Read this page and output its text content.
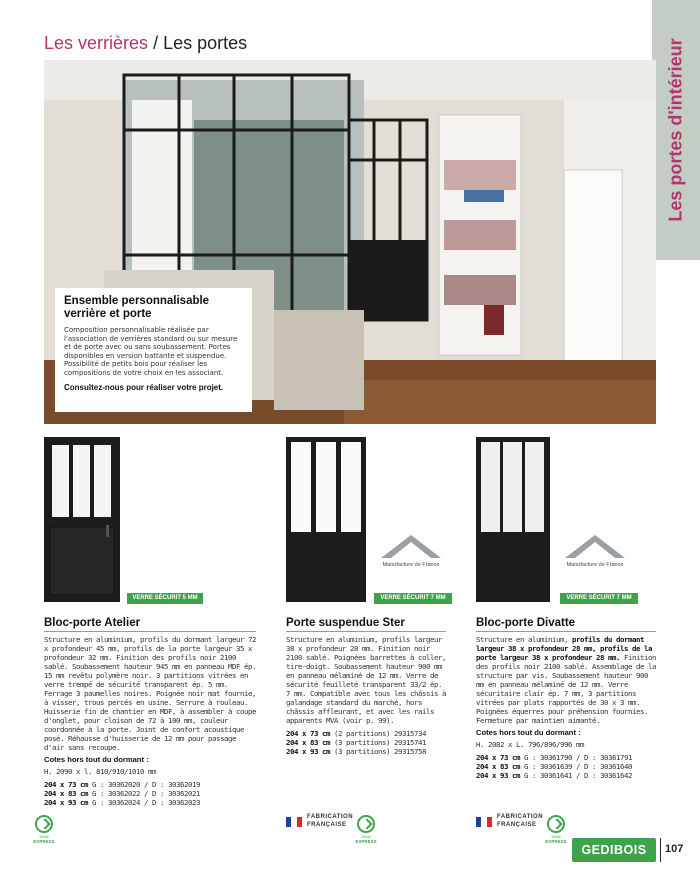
Les verrières / Les portes	Les portes d'intérieur
Ensemble personnalisable verrière et porte

Composition personnalisable réalisée par l'association de verrières standard ou sur mesure et de porte avec ou sans soubassement. Portes disponibles en version battante et suspendue. Possibilité de petits bois pour réaliser les compositions de votre choix en les associant.

Consultez-nous pour réaliser votre projet.
Manufacture de France	Manufacture de France
VERRE SÉCURIT 5 MM	VERRE SÉCURIT 7 MM	VERRE SÉCURIT 7 MM
Bloc-porte Atelier
Structure en aluminium, profils du dormant largeur 72 x profondeur 45 mm, profils de la porte largeur 35 x profondeur 32 mm. Finition des profils noir 2100 sablé. Soubassement hauteur 945 mm en panneau MDF ép. 15 mm revêtu polymère noir. 3 partitions vitrées en verre trempé de sécurité transparent ép. 5 mm. Ferrage 3 paumelles noires. Poignée noir mat fournie, à visser, trous percés en usine. Serrure à rouleau. Huisserie fin de chantier en MDF, à assembler à coupe d'onglet, pour cloison de 72 à 100 mm, couleur coordonnée à la porte. Joint de confort acoustique posé. Réhausse d'huisserie de 12 mm pour passage d'air sans recoupe.
Cotes hors tout du dormant :
H. 2090 x l. 810/910/1010 mm
204 x 73 cm G : 30362020 / D : 30362019
204 x 83 cm G : 30362022 / D : 30362021
204 x 93 cm G : 30362024 / D : 30362023
Porte suspendue Ster
Structure en aluminium, profils largeur 38 x profondeur 28 mm. Finition noir 2100 sablé. Poignées barrettes à coller, tire-doigt. Soubassement hauteur 900 mm en panneau mélaminé de 12 mm. Verre de sécurité feuilleté transparent 33/2 ép. 7 mm. Compatible avec tous les châssis à galandage standard du marché, hors châssis affleurant, et avec les rails apparents MVA (voir p. 99).
204 x 73 cm (2 partitions) 29315734
204 x 83 cm (3 partitions) 29315741
204 x 93 cm (3 partitions) 29315758
Bloc-porte Divatte
Structure en aluminium, profils du dormant largeur 38 x profondeur 28 mm, profils de la porte largeur 38 x profondeur 28 mm. Finition des profils noir 2100 sablé. Assemblage de la structure par vis. Soubassement hauteur 900 mm en panneau mélaminé de 12 mm. Verre sécuritaire clair ép. 7 mm, 3 partitions vitrées par plats rapportés de 30 x 3 mm. Poignées équerres pour préhension fournies. Fermeture par maintien aimanté.
Cotes hors tout du dormant :
H. 2082 x L. 796/896/996 mm
204 x 73 cm G : 30361790 / D : 30361791
204 x 83 cm G : 30361639 / D : 30361640
204 x 93 cm G : 30361641 / D : 30361642
Delai
EXPRESS
Delai
EXPRESS
Delai
EXPRESS
FABRICATION
FRANÇAISE
FABRICATION
FRANÇAISE
GEDIBOIS	107
